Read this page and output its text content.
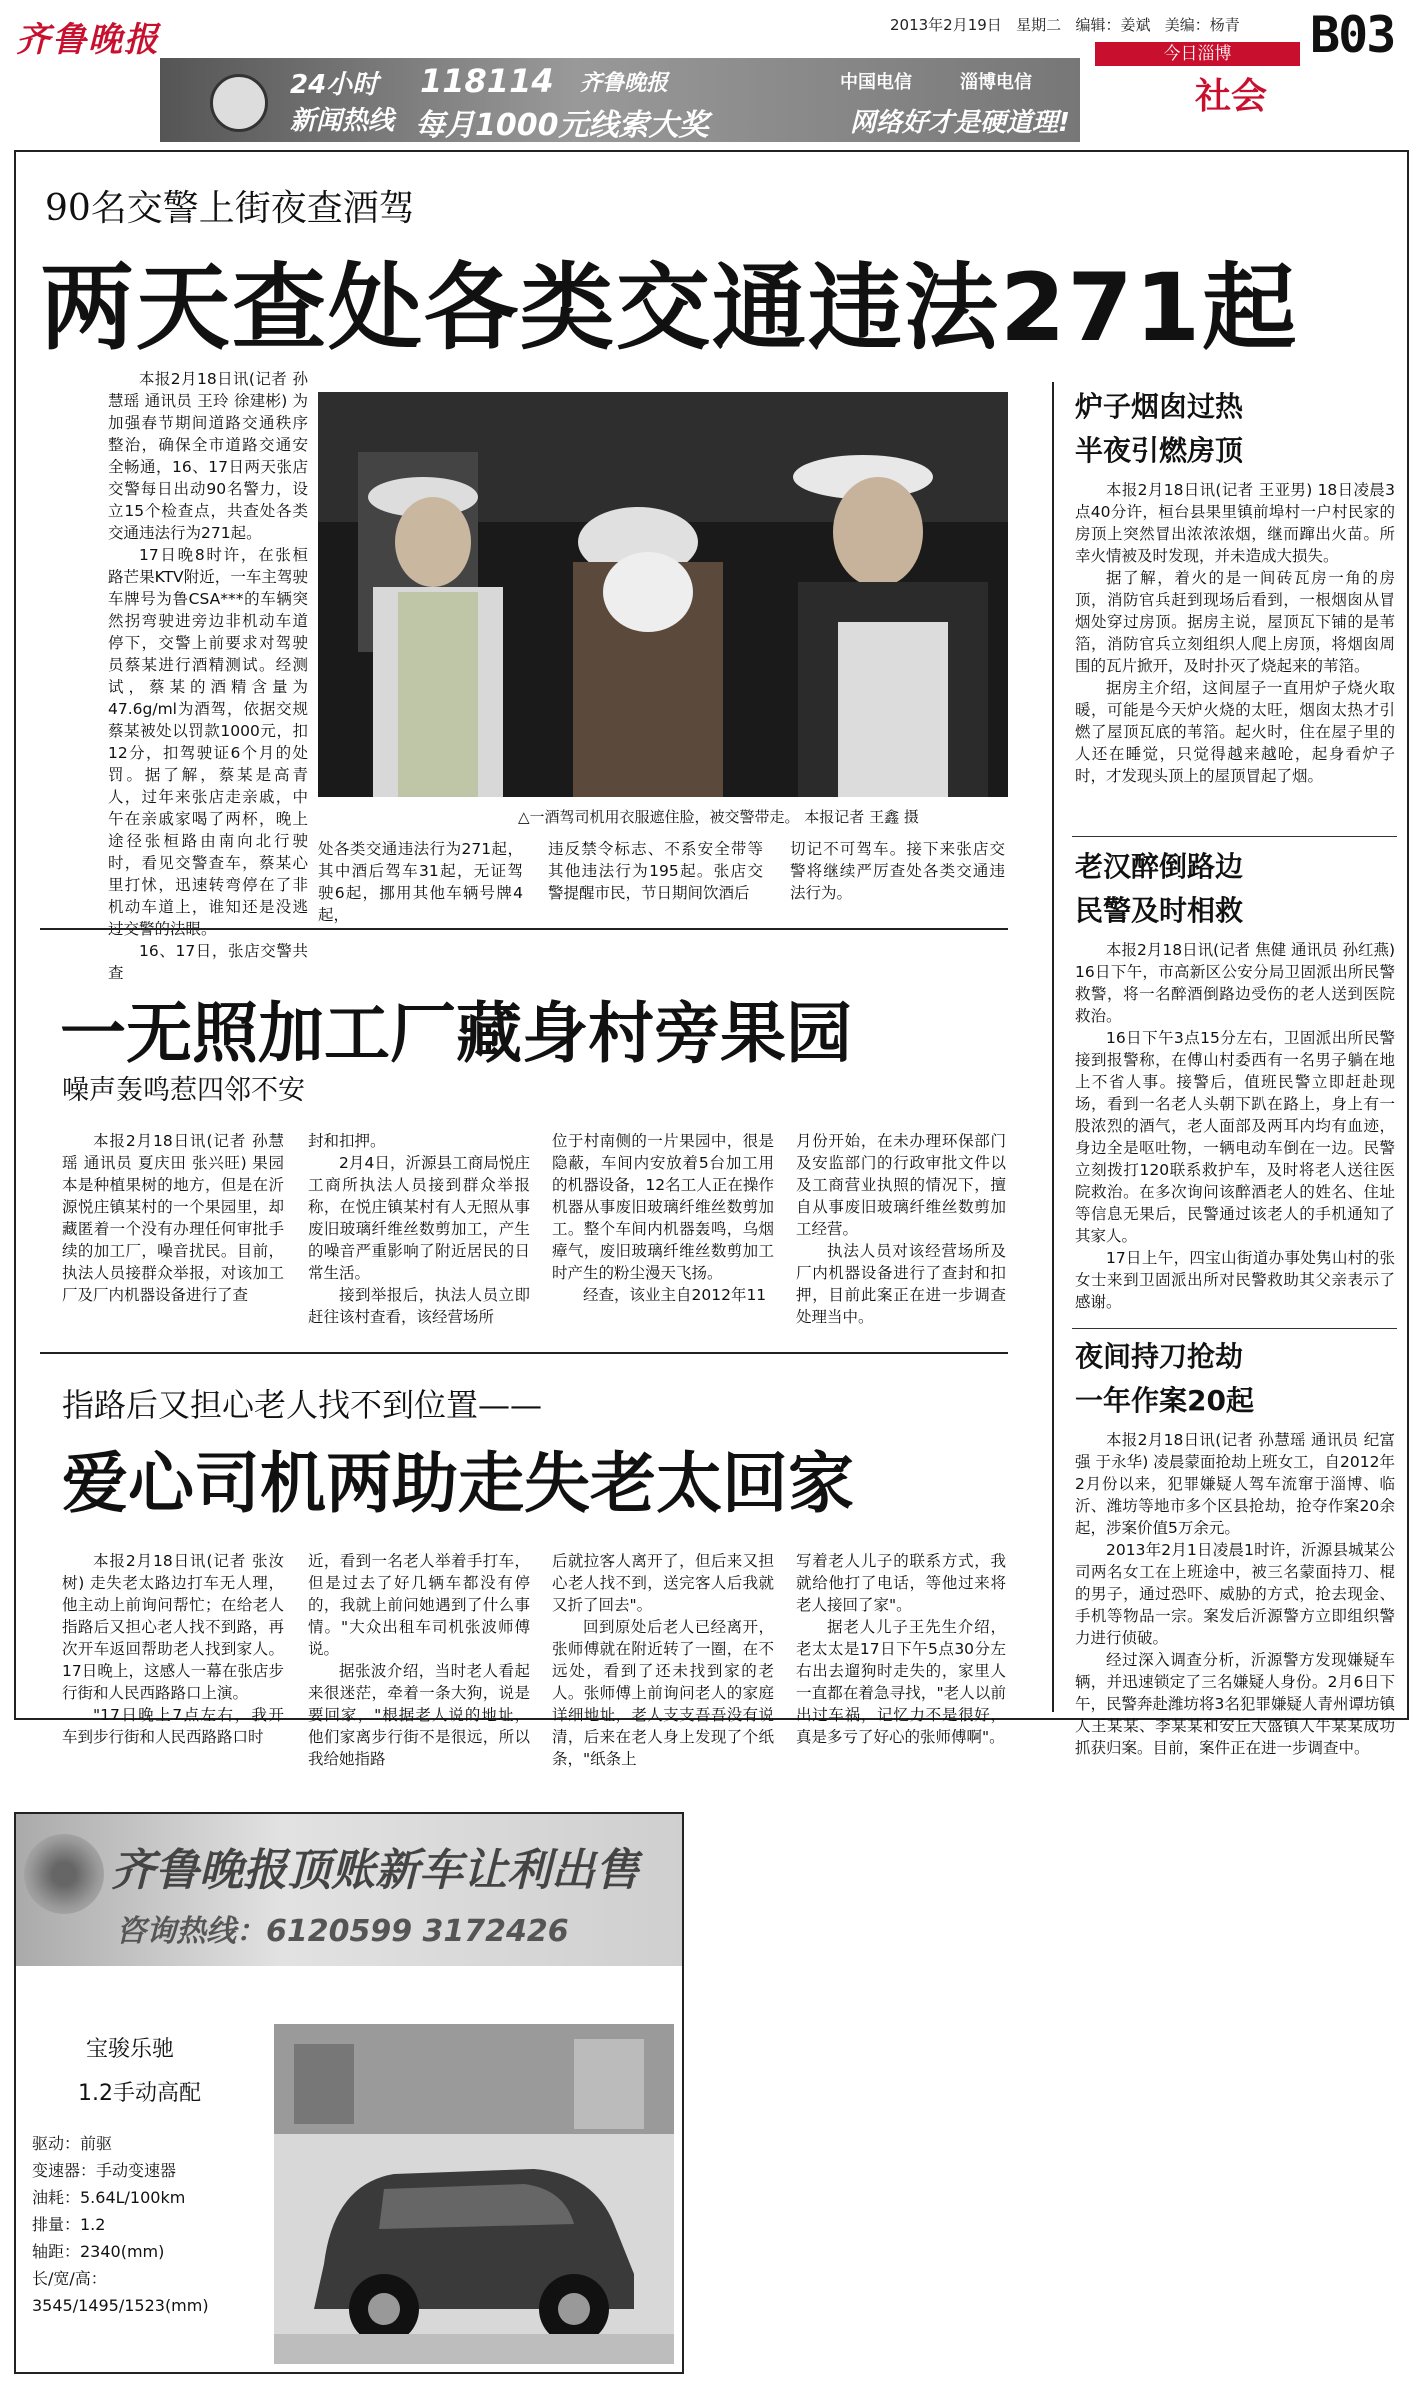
齐鲁晚报	2013年2月19日 星期二 编辑：姜斌 美编：杨青 B03
今日淄博
社会
24小时
新闻热线
118114
每月1000元线索大奖
齐鲁晚报	中国电信	淄博电信
网络好才是硬道理!
90名交警上街夜查酒驾
两天查处各类交通违法271起

本报2月18日讯(记者 孙慧瑶 通讯员 王玲 徐建彬) 为加强春节期间道路交通秩序整治，确保全市道路交通安全畅通，16、17日两天张店交警每日出动90名警力，设立15个检查点，共查处各类交通违法行为271起。

17日晚8时许，在张桓路芒果KTV附近，一车主驾驶车牌号为鲁CSA***的车辆突然拐弯驶进旁边非机动车道停下，交警上前要求对驾驶员蔡某进行酒精测试。经测试，蔡某的酒精含量为47.6g/ml为酒驾，依据交规蔡某被处以罚款1000元，扣12分，扣驾驶证6个月的处罚。据了解，蔡某是高青人，过年来张店走亲戚，中午在亲戚家喝了两杯，晚上途径张桓路由南向北行驶时，看见交警查车，蔡某心里打怵，迅速转弯停在了非机动车道上，谁知还是没逃过交警的法眼。

16、17日，张店交警共查

△一酒驾司机用衣服遮住脸，被交警带走。 本报记者 王鑫 摄

处各类交通违法行为271起，其中酒后驾车31起，无证驾驶6起，挪用其他车辆号牌4起，

违反禁令标志、不系安全带等其他违法行为195起。张店交警提醒市民，节日期间饮酒后

切记不可驾车。接下来张店交警将继续严厉查处各类交通违法行为。

一无照加工厂藏身村旁果园
噪声轰鸣惹四邻不安

本报2月18日讯(记者 孙慧瑶 通讯员 夏庆田 张兴旺) 果园本是种植果树的地方，但是在沂源悦庄镇某村的一个果园里，却藏匿着一个没有办理任何审批手续的加工厂，噪音扰民。目前，执法人员接群众举报，对该加工厂及厂内机器设备进行了查

封和扣押。

2月4日，沂源县工商局悦庄工商所执法人员接到群众举报称，在悦庄镇某村有人无照从事废旧玻璃纤维丝数剪加工，产生的噪音严重影响了附近居民的日常生活。

接到举报后，执法人员立即赶往该村查看，该经营场所

位于村南侧的一片果园中，很是隐蔽，车间内安放着5台加工用的机器设备，12名工人正在操作机器从事废旧玻璃纤维丝数剪加工。整个车间内机器轰鸣，乌烟瘴气，废旧玻璃纤维丝数剪加工时产生的粉尘漫天飞扬。

经查，该业主自2012年11

月份开始，在未办理环保部门及安监部门的行政审批文件以及工商营业执照的情况下，擅自从事废旧玻璃纤维丝数剪加工经营。

执法人员对该经营场所及厂内机器设备进行了查封和扣押，目前此案正在进一步调查处理当中。

指路后又担心老人找不到位置——
爱心司机两助走失老太回家

本报2月18日讯(记者 张汝树) 走失老太路边打车无人理，他主动上前询问帮忙；在给老人指路后又担心老人找不到路，再次开车返回帮助老人找到家人。17日晚上，这感人一幕在张店步行街和人民西路路口上演。

"17日晚上7点左右，我开车到步行街和人民西路路口时

近，看到一名老人举着手打车，但是过去了好几辆车都没有停的，我就上前问她遇到了什么事情。"大众出租车司机张波师傅说。

据张波介绍，当时老人看起来很迷茫，牵着一条大狗，说是要回家，"根据老人说的地址，他们家离步行街不是很远，所以我给她指路

后就拉客人离开了，但后来又担心老人找不到，送完客人后我就又折了回去"。

回到原处后老人已经离开，张师傅就在附近转了一圈，在不远处，看到了还未找到家的老人。张师傅上前询问老人的家庭详细地址，老人支支吾吾没有说清，后来在老人身上发现了个纸条，"纸条上

写着老人儿子的联系方式，我就给他打了电话，等他过来将老人接回了家"。

据老人儿子王先生介绍，老太太是17日下午5点30分左右出去遛狗时走失的，家里人一直都在着急寻找，"老人以前出过车祸，记忆力不是很好，真是多亏了好心的张师傅啊"。

炉子烟囱过热
半夜引燃房顶

本报2月18日讯(记者 王亚男) 18日凌晨3点40分许，桓台县果里镇前埠村一户村民家的房顶上突然冒出浓浓浓烟，继而蹿出火苗。所幸火情被及时发现，并未造成大损失。

据了解，着火的是一间砖瓦房一角的房顶，消防官兵赶到现场后看到，一根烟囱从冒烟处穿过房顶。据房主说，屋顶瓦下铺的是苇箔，消防官兵立刻组织人爬上房顶，将烟囱周围的瓦片掀开，及时扑灭了烧起来的苇箔。

据房主介绍，这间屋子一直用炉子烧火取暖，可能是今天炉火烧的太旺，烟囱太热才引燃了屋顶瓦底的苇箔。起火时，住在屋子里的人还在睡觉，只觉得越来越呛，起身看炉子时，才发现头顶上的屋顶冒起了烟。

老汉醉倒路边
民警及时相救

本报2月18日讯(记者 焦健 通讯员 孙红燕) 16日下午，市高新区公安分局卫固派出所民警救警，将一名醉酒倒路边受伤的老人送到医院救治。

16日下午3点15分左右，卫固派出所民警接到报警称，在傅山村委西有一名男子躺在地上不省人事。接警后，值班民警立即赶赴现场，看到一名老人头朝下趴在路上，身上有一股浓烈的酒气，老人面部及两耳内均有血迹，身边全是呕吐物，一辆电动车倒在一边。民警立刻拨打120联系救护车，及时将老人送往医院救治。在多次询问该醉酒老人的姓名、住址等信息无果后，民警通过该老人的手机通知了其家人。

17日上午，四宝山街道办事处隽山村的张女士来到卫固派出所对民警救助其父亲表示了感谢。

夜间持刀抢劫
一年作案20起

本报2月18日讯(记者 孙慧瑶 通讯员 纪富强 于永华) 凌晨蒙面抢劫上班女工，自2012年2月份以来，犯罪嫌疑人驾车流窜于淄博、临沂、潍坊等地市多个区县抢劫，抢夺作案20余起，涉案价值5万余元。

2013年2月1日凌晨1时许，沂源县城某公司两名女工在上班途中，被三名蒙面持刀、棍的男子，通过恐吓、威胁的方式，抢去现金、手机等物品一宗。案发后沂源警方立即组织警力进行侦破。

经过深入调查分析，沂源警方发现嫌疑车辆，并迅速锁定了三名嫌疑人身份。2月6日下午，民警奔赴潍坊将3名犯罪嫌疑人青州谭坊镇人王某某、李某某和安丘大盛镇人牛某某成功抓获归案。目前，案件正在进一步调查中。

齐鲁晚报顶账新车让利出售
咨询热线：6120599 3172426
宝骏乐驰
1.2手动高配
驱动：前驱
变速器：手动变速器
油耗：5.64L/100km
排量：1.2
轴距：2340(mm)
长/宽/高：3545/1495/1523(mm)
